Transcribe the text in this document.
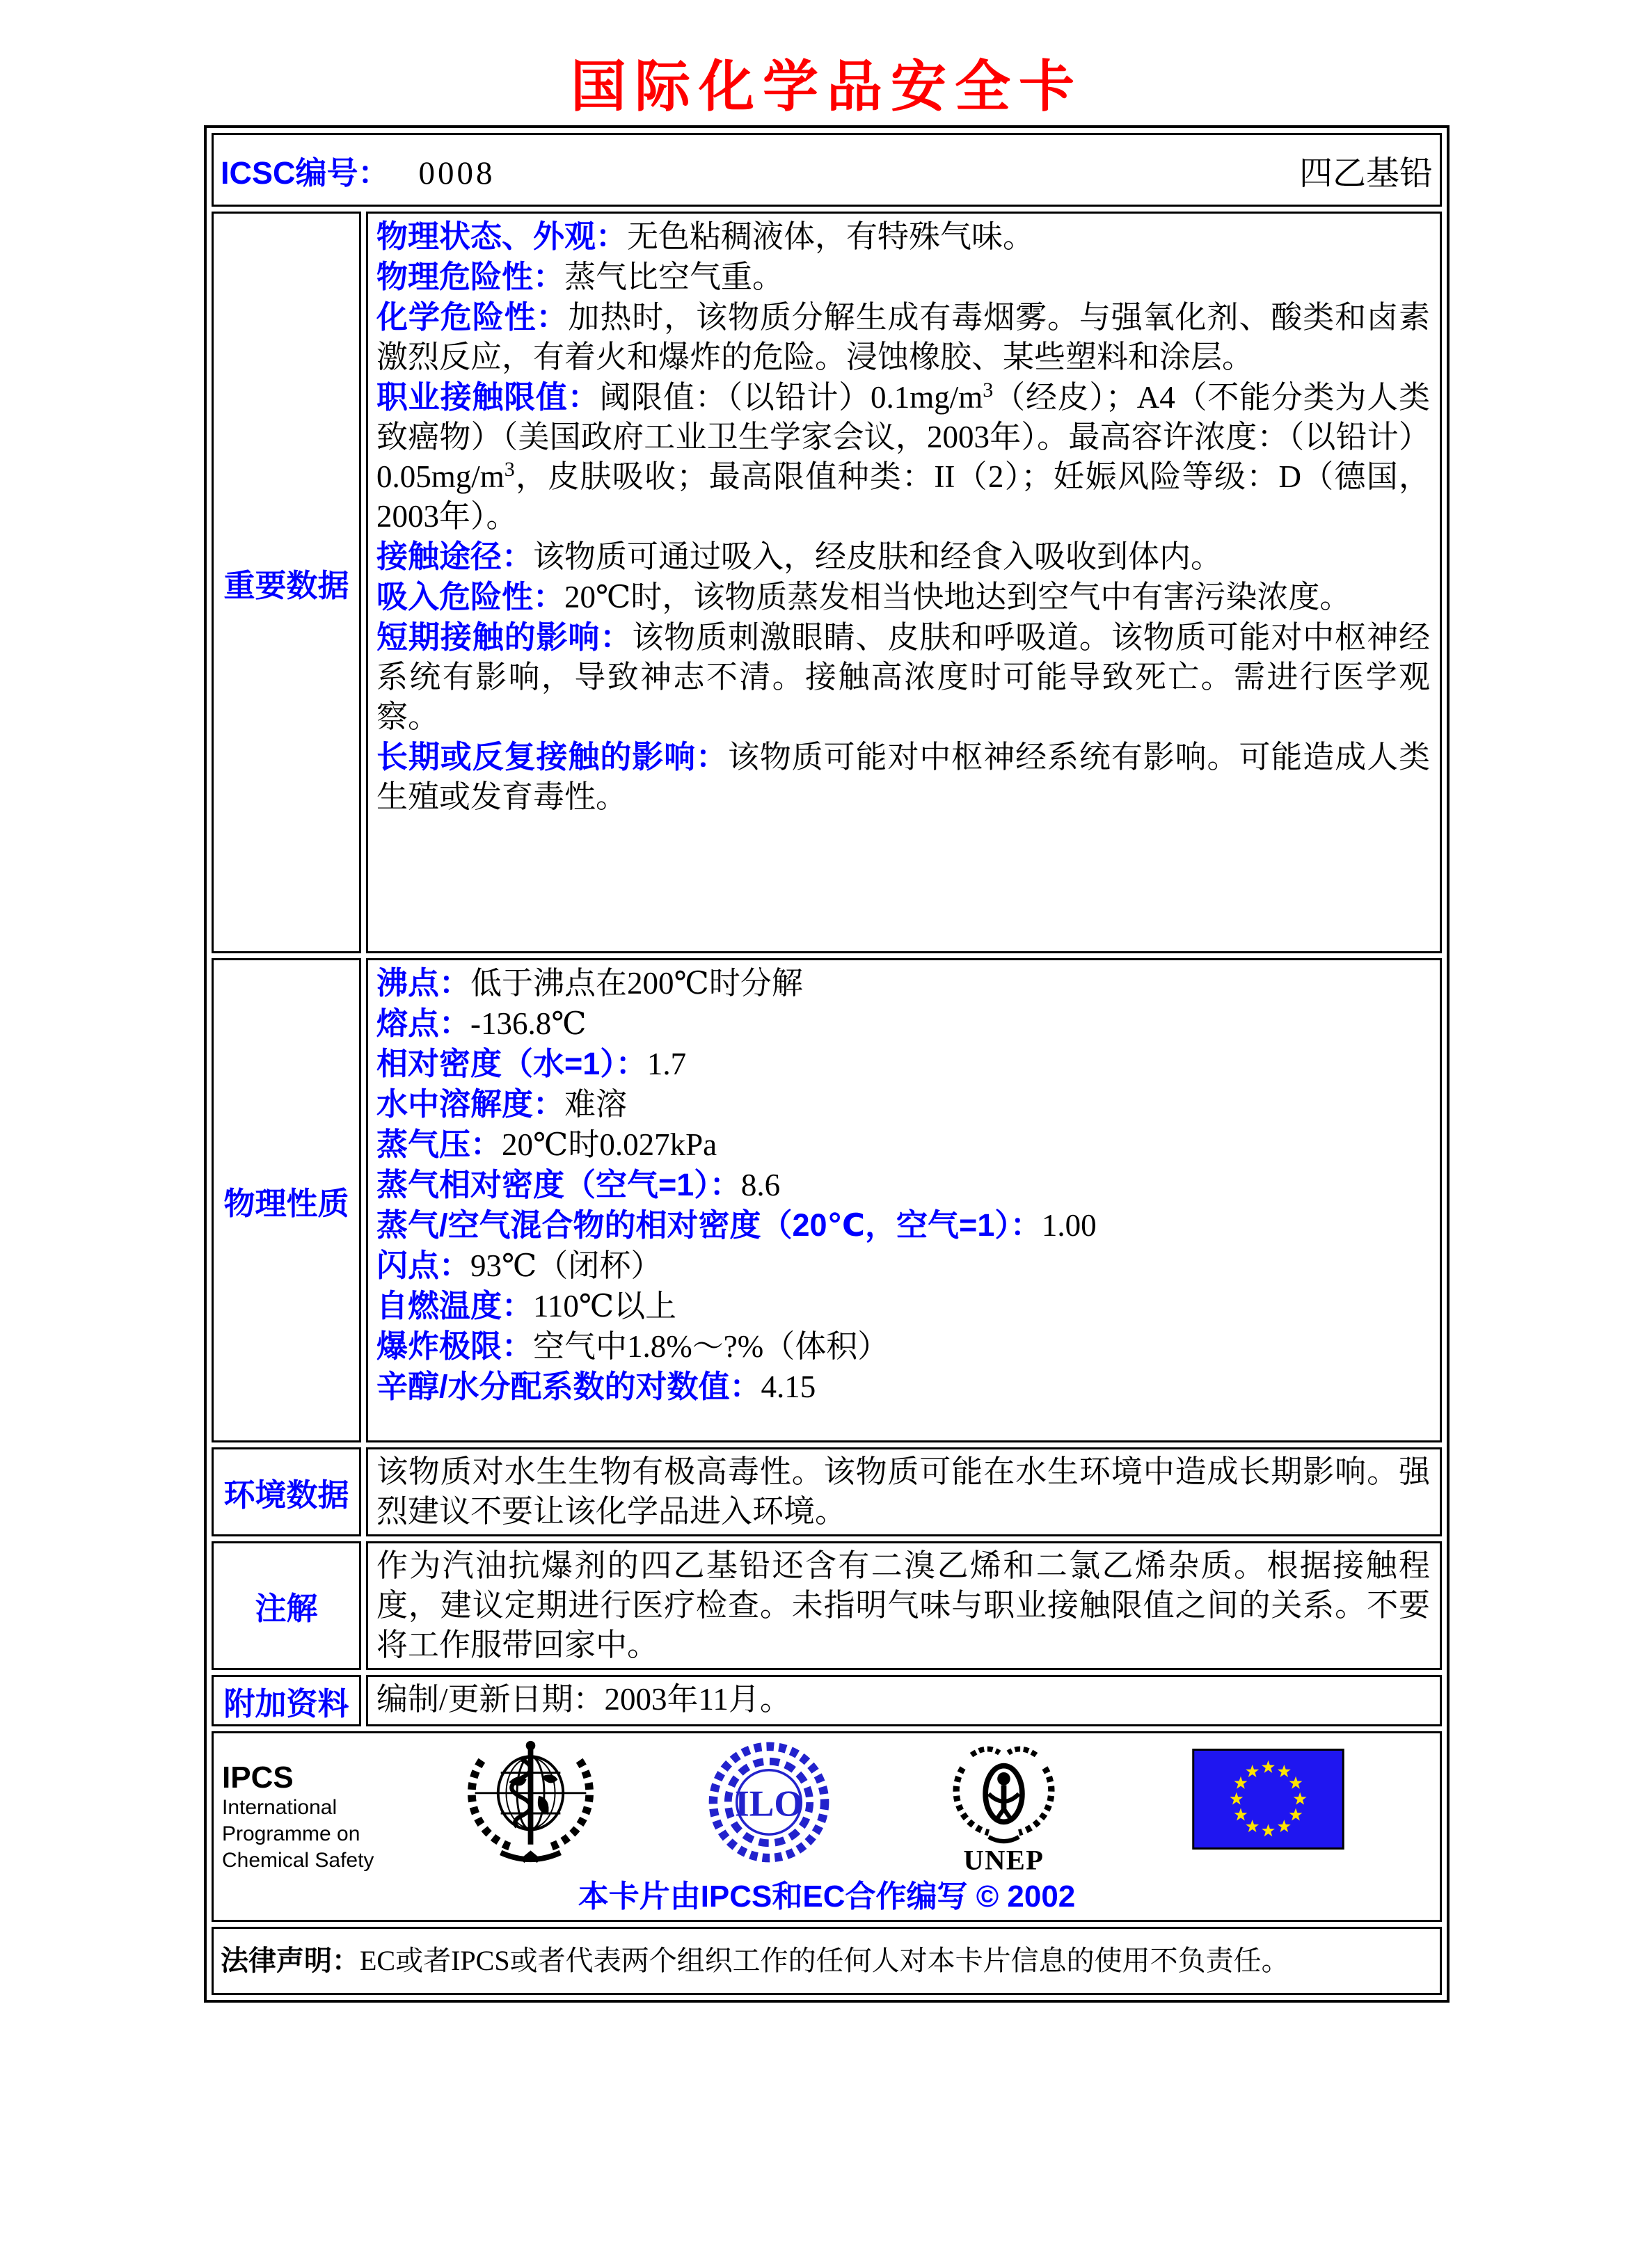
国际化学品安全卡
ICSC编号： 0008 四乙基铅	

重要数据	

物理状态、外观：无色粘稠液体，有特殊气味。

物理危险性：蒸气比空气重。

化学危险性：加热时，该物质分解生成有毒烟雾。与强氧化剂、酸类和卤素激烈反应，有着火和爆炸的危险。浸蚀橡胶、某些塑料和涂层。

职业接触限值：阈限值：（以铅计）$0.1mg/m^3$（经皮）；A4（不能分类为人类致癌物）（美国政府工业卫生学家会议，2003年）。最高容许浓度：（以铅计）$0.05mg/m^3$，皮肤吸收；最高限值种类：II（2）；妊娠风险等级：D（德国，2003年）。

接触途径：该物质可通过吸入，经皮肤和经食入吸收到体内。

吸入危险性：20℃时，该物质蒸发相当快地达到空气中有害污染浓度。

短期接触的影响：该物质刺激眼睛、皮肤和呼吸道。该物质可能对中枢神经系统有影响，导致神志不清。接触高浓度时可能导致死亡。需进行医学观察。

长期或反复接触的影响：该物质可能对中枢神经系统有影响。可能造成人类生殖或发育毒性。

物理性质	

沸点：低于沸点在200℃时分解

熔点：-136.8℃

相对密度（水=1）：1.7

水中溶解度：难溶

蒸气压：20℃时0.027kPa

蒸气相对密度（空气=1）：8.6

蒸气/空气混合物的相对密度（20℃，空气=1）：1.00

闪点：93℃（闭杯）

自燃温度：110℃以上

爆炸极限：空气中1.8%～?%（体积）

辛醇/水分配系数的对数值：4.15

环境数据	该物质对水生生物有极高毒性。该物质可能在水生环境中造成长期影响。强烈建议不要让该化学品进入环境。

注解	作为汽油抗爆剂的四乙基铅还含有二溴乙烯和二氯乙烯杂质。根据接触程度，建议定期进行医疗检查。未指明气味与职业接触限值之间的关系。不要将工作服带回家中。

附加资料	编制/更新日期：2003年11月。

IPCS
International
Programme on
Chemical Safety
ILO
UNEP
本卡片由IPCS和EC合作编写 © 2002

法律声明：EC或者IPCS或者代表两个组织工作的任何人对本卡片信息的使用不负责任。	
